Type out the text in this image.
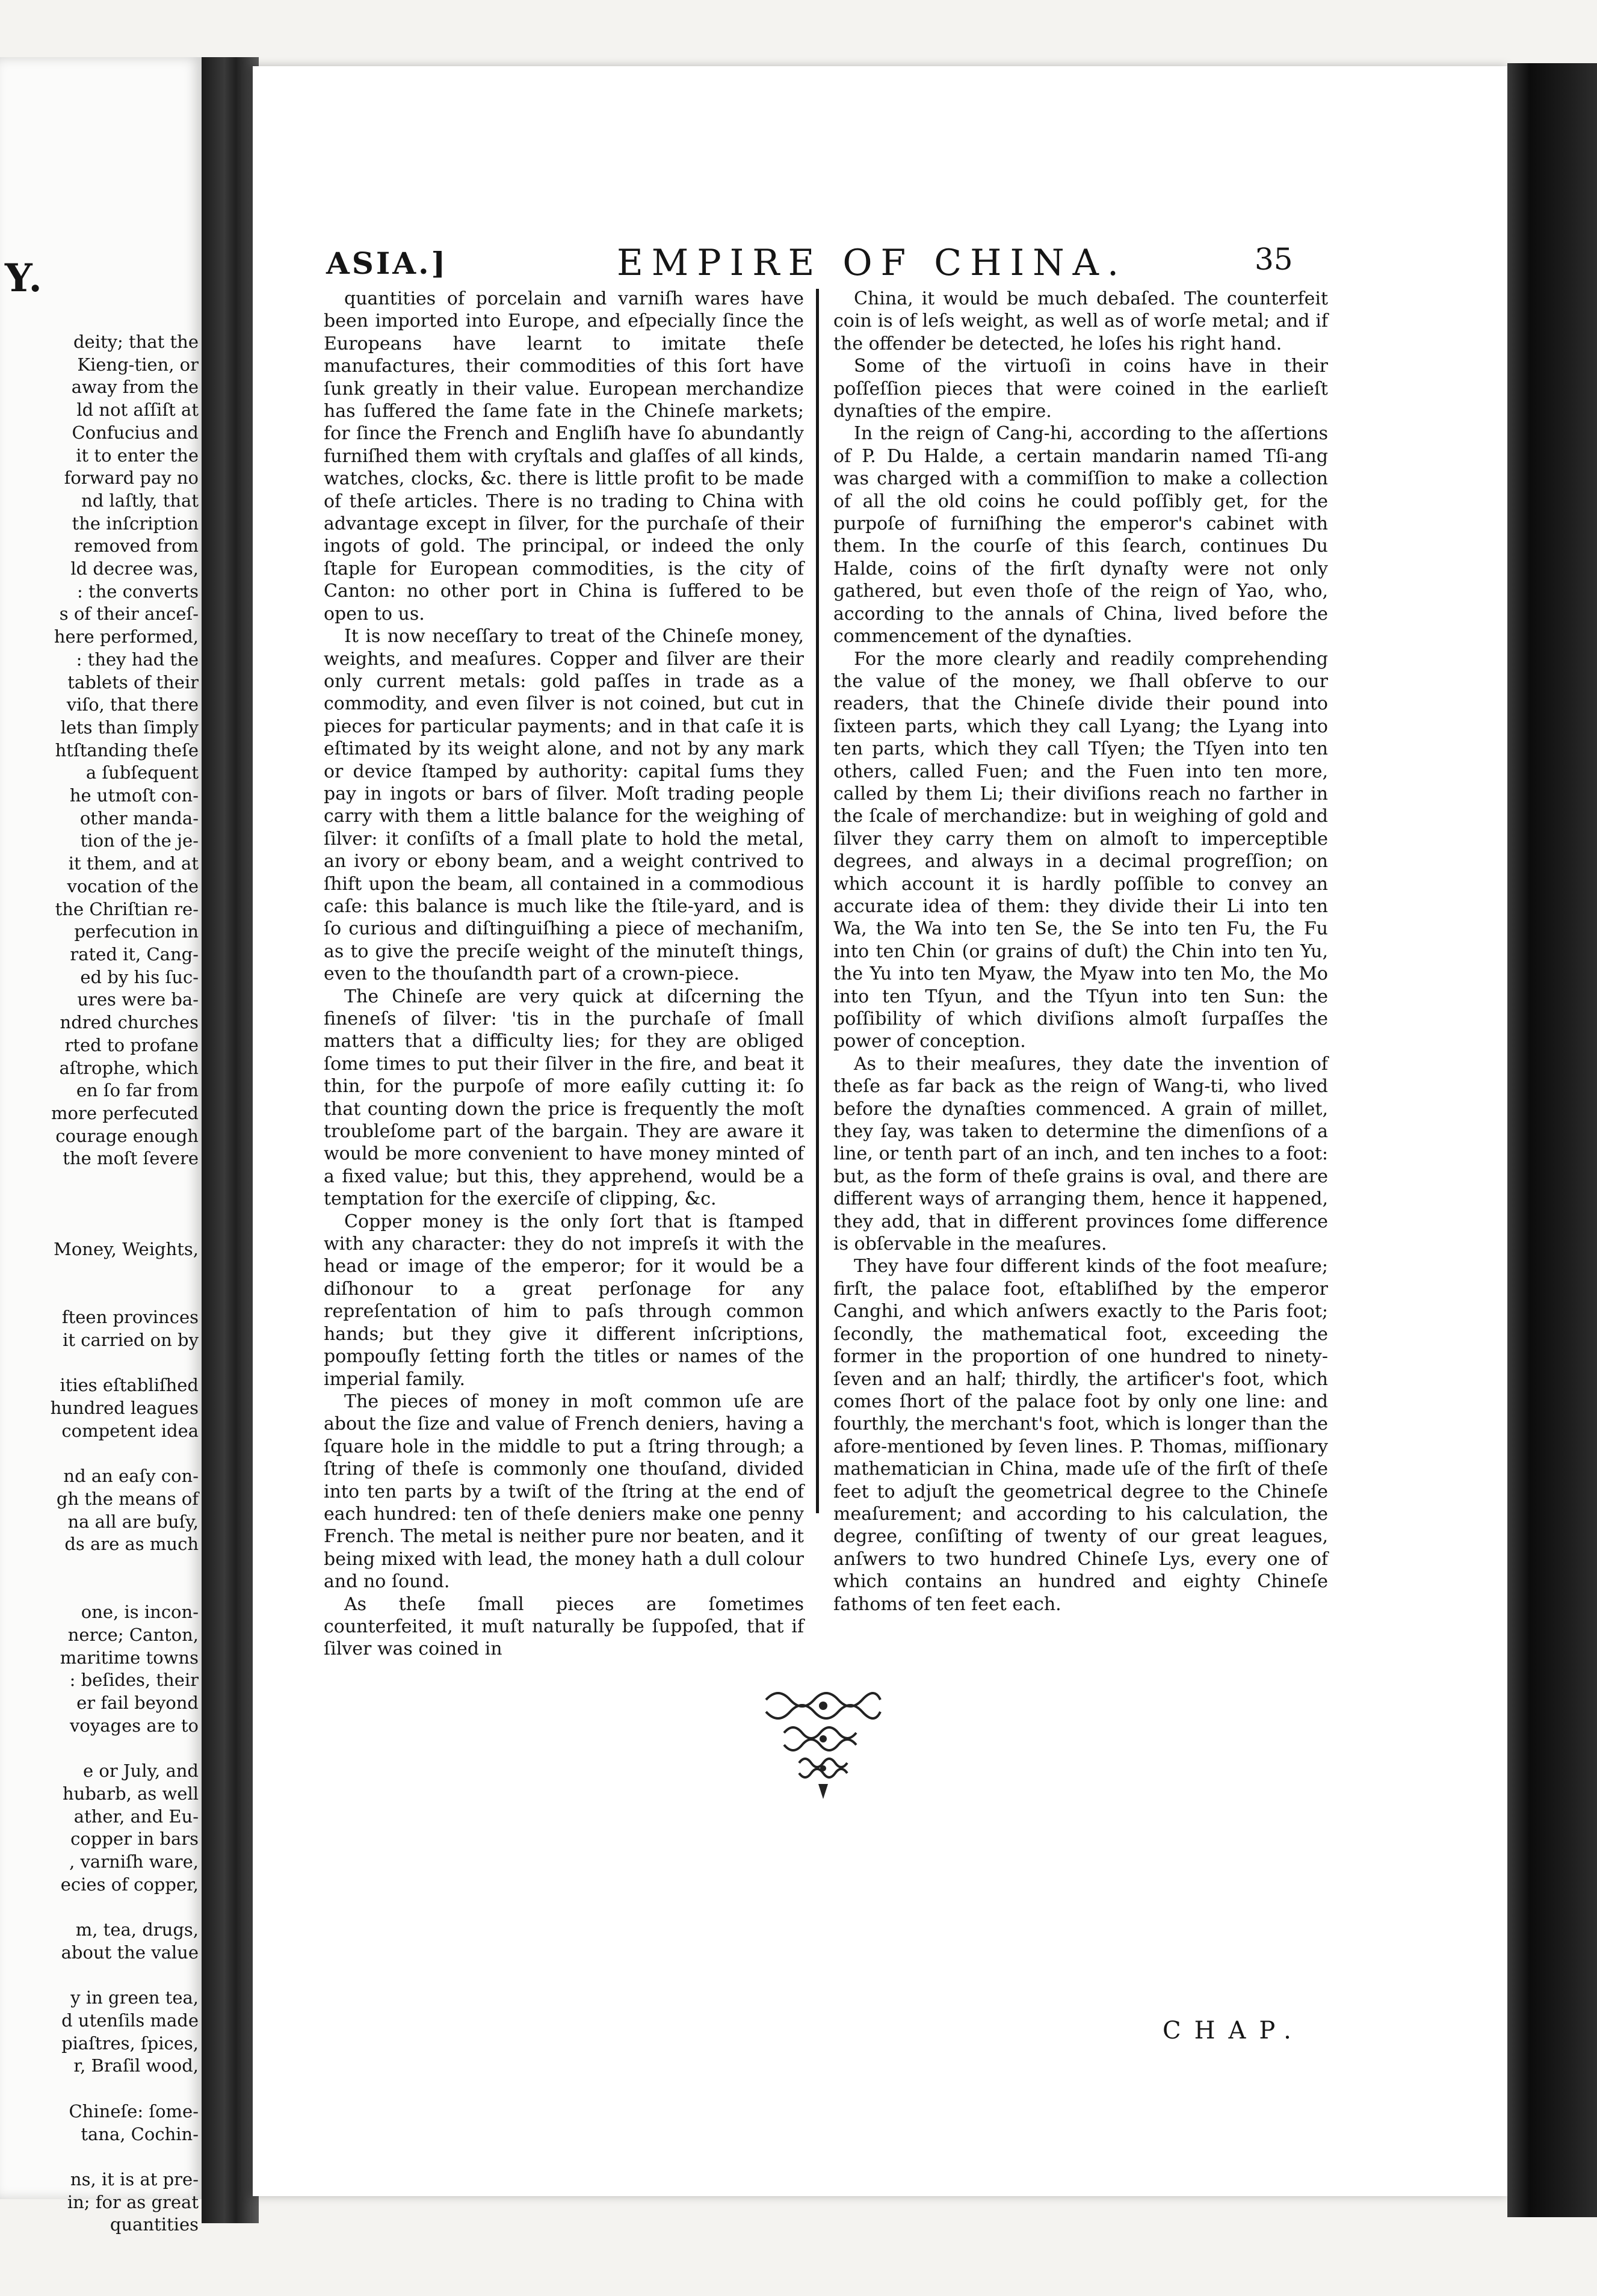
Y.
deity; that the
Kieng-tien, or
away from the
ld not aſſiſt at
Confucius and
it to enter the
forward pay no
nd laſtly, that
the inſcription
removed from
ld decree was,
: the converts
s of their anceſ-
here performed,
: they had the
tablets of their
viſo, that there
lets than ſimply
htſtanding theſe
a ſubſequent
he utmoſt con-
other manda-
tion of the je-
it them, and at
vocation of the
the Chriſtian re-
perfecution in
rated it, Cang-
ed by his ſuc-
ures were ba-
ndred churches
rted to profane
aſtrophe, which
en ſo far from
more perfecuted
courage enough
the moſt ſevere

Money, Weights,

fteen provinces
it carried on by

ities eſtabliſhed
hundred leagues
competent idea

nd an eaſy con-
gh the means of
na all are buſy,
ds are as much

one, is incon-
nerce; Canton,
maritime towns
: beſides, their
er fail beyond
voyages are to

e or July, and
hubarb, as well
ather, and Eu-
copper in bars
, varniſh ware,
ecies of copper,

m, tea, drugs,
about the value

y in green tea,
d utenſils made
piaſtres, ſpices,
r, Braſil wood,

Chineſe: ſome-
tana, Cochin-

ns, it is at pre-
in; for as great
quantities
ASIA.]	EMPIRE OF CHINA.	35

quantities of porcelain and varniſh wares have been imported into Europe, and eſpecially ſince the Europeans have learnt to imitate theſe manufactures, their commodities of this ſort have ſunk greatly in their value. European merchandize has ſuffered the ſame fate in the Chineſe markets; for ſince the French and Engliſh have ſo abundantly furniſhed them with cryſtals and glaſſes of all kinds, watches, clocks, &c. there is little profit to be made of theſe articles. There is no trading to China with advantage except in ſilver, for the purchaſe of their ingots of gold. The principal, or indeed the only ſtaple for European commodities, is the city of Canton: no other port in China is ſuffered to be open to us.

It is now neceſſary to treat of the Chineſe money, weights, and meaſures. Copper and ſilver are their only current metals: gold paſſes in trade as a commodity, and even ſilver is not coined, but cut in pieces for particular payments; and in that caſe it is eſtimated by its weight alone, and not by any mark or device ſtamped by authority: capital ſums they pay in ingots or bars of ſilver. Moſt trading people carry with them a little balance for the weighing of ſilver: it conſiſts of a ſmall plate to hold the metal, an ivory or ebony beam, and a weight contrived to ſhift upon the beam, all contained in a commodious caſe: this balance is much like the ſtile-yard, and is ſo curious and diſtinguiſhing a piece of mechaniſm, as to give the preciſe weight of the minuteſt things, even to the thouſandth part of a crown-piece.

The Chineſe are very quick at diſcerning the fineneſs of ſilver: 'tis in the purchaſe of ſmall matters that a difficulty lies; for they are obliged ſome times to put their ſilver in the fire, and beat it thin, for the purpoſe of more eaſily cutting it: ſo that counting down the price is frequently the moſt troubleſome part of the bargain. They are aware it would be more convenient to have money minted of a fixed value; but this, they apprehend, would be a temptation for the exerciſe of clipping, &c.

Copper money is the only ſort that is ſtamped with any character: they do not impreſs it with the head or image of the emperor; for it would be a diſhonour to a great perſonage for any repreſentation of him to paſs through common hands; but they give it different inſcriptions, pompouſly ſetting forth the titles or names of the imperial family.

The pieces of money in moſt common uſe are about the ſize and value of French deniers, having a ſquare hole in the middle to put a ſtring through; a ſtring of theſe is commonly one thouſand, divided into ten parts by a twiſt of the ſtring at the end of each hundred: ten of theſe deniers make one penny French. The metal is neither pure nor beaten, and it being mixed with lead, the money hath a dull colour and no ſound.

As theſe ſmall pieces are ſometimes counterfeited, it muſt naturally be ſuppoſed, that if ſilver was coined in

China, it would be much debaſed. The counterfeit coin is of leſs weight, as well as of worſe metal; and if the offender be detected, he loſes his right hand.

Some of the virtuoſi in coins have in their poſſeſſion pieces that were coined in the earlieſt dynaſties of the empire.

In the reign of Cang-hi, according to the aſſertions of P. Du Halde, a certain mandarin named Tſi-ang was charged with a commiſſion to make a collection of all the old coins he could poſſibly get, for the purpoſe of furniſhing the emperor's cabinet with them. In the courſe of this ſearch, continues Du Halde, coins of the firſt dynaſty were not only gathered, but even thoſe of the reign of Yao, who, according to the annals of China, lived before the commencement of the dynaſties.

For the more clearly and readily comprehending the value of the money, we ſhall obſerve to our readers, that the Chineſe divide their pound into ſixteen parts, which they call Lyang; the Lyang into ten parts, which they call Tſyen; the Tſyen into ten others, called Fuen; and the Fuen into ten more, called by them Li; their diviſions reach no farther in the ſcale of merchandize: but in weighing of gold and ſilver they carry them on almoſt to imperceptible degrees, and always in a decimal progreſſion; on which account it is hardly poſſible to convey an accurate idea of them: they divide their Li into ten Wa, the Wa into ten Se, the Se into ten Fu, the Fu into ten Chin (or grains of duſt) the Chin into ten Yu, the Yu into ten Myaw, the Myaw into ten Mo, the Mo into ten Tſyun, and the Tſyun into ten Sun: the poſſibility of which diviſions almoſt ſurpaſſes the power of conception.

As to their meaſures, they date the invention of theſe as far back as the reign of Wang-ti, who lived before the dynaſties commenced. A grain of millet, they ſay, was taken to determine the dimenſions of a line, or tenth part of an inch, and ten inches to a foot: but, as the form of theſe grains is oval, and there are different ways of arranging them, hence it happened, they add, that in different provinces ſome difference is obſervable in the meaſures.

They have four different kinds of the foot meaſure; firſt, the palace foot, eſtabliſhed by the emperor Canghi, and which anſwers exactly to the Paris foot; ſecondly, the mathematical foot, exceeding the former in the proportion of one hundred to ninety-ſeven and an half; thirdly, the artificer's foot, which comes ſhort of the palace foot by only one line: and fourthly, the merchant's foot, which is longer than the afore-mentioned by ſeven lines. P. Thomas, miſſionary mathematician in China, made uſe of the firſt of theſe feet to adjuſt the geometrical degree to the Chineſe meaſurement; and according to his calculation, the degree, conſiſting of twenty of our great leagues, anſwers to two hundred Chineſe Lys, every one of which contains an hundred and eighty Chineſe fathoms of ten feet each.

CHAP.
